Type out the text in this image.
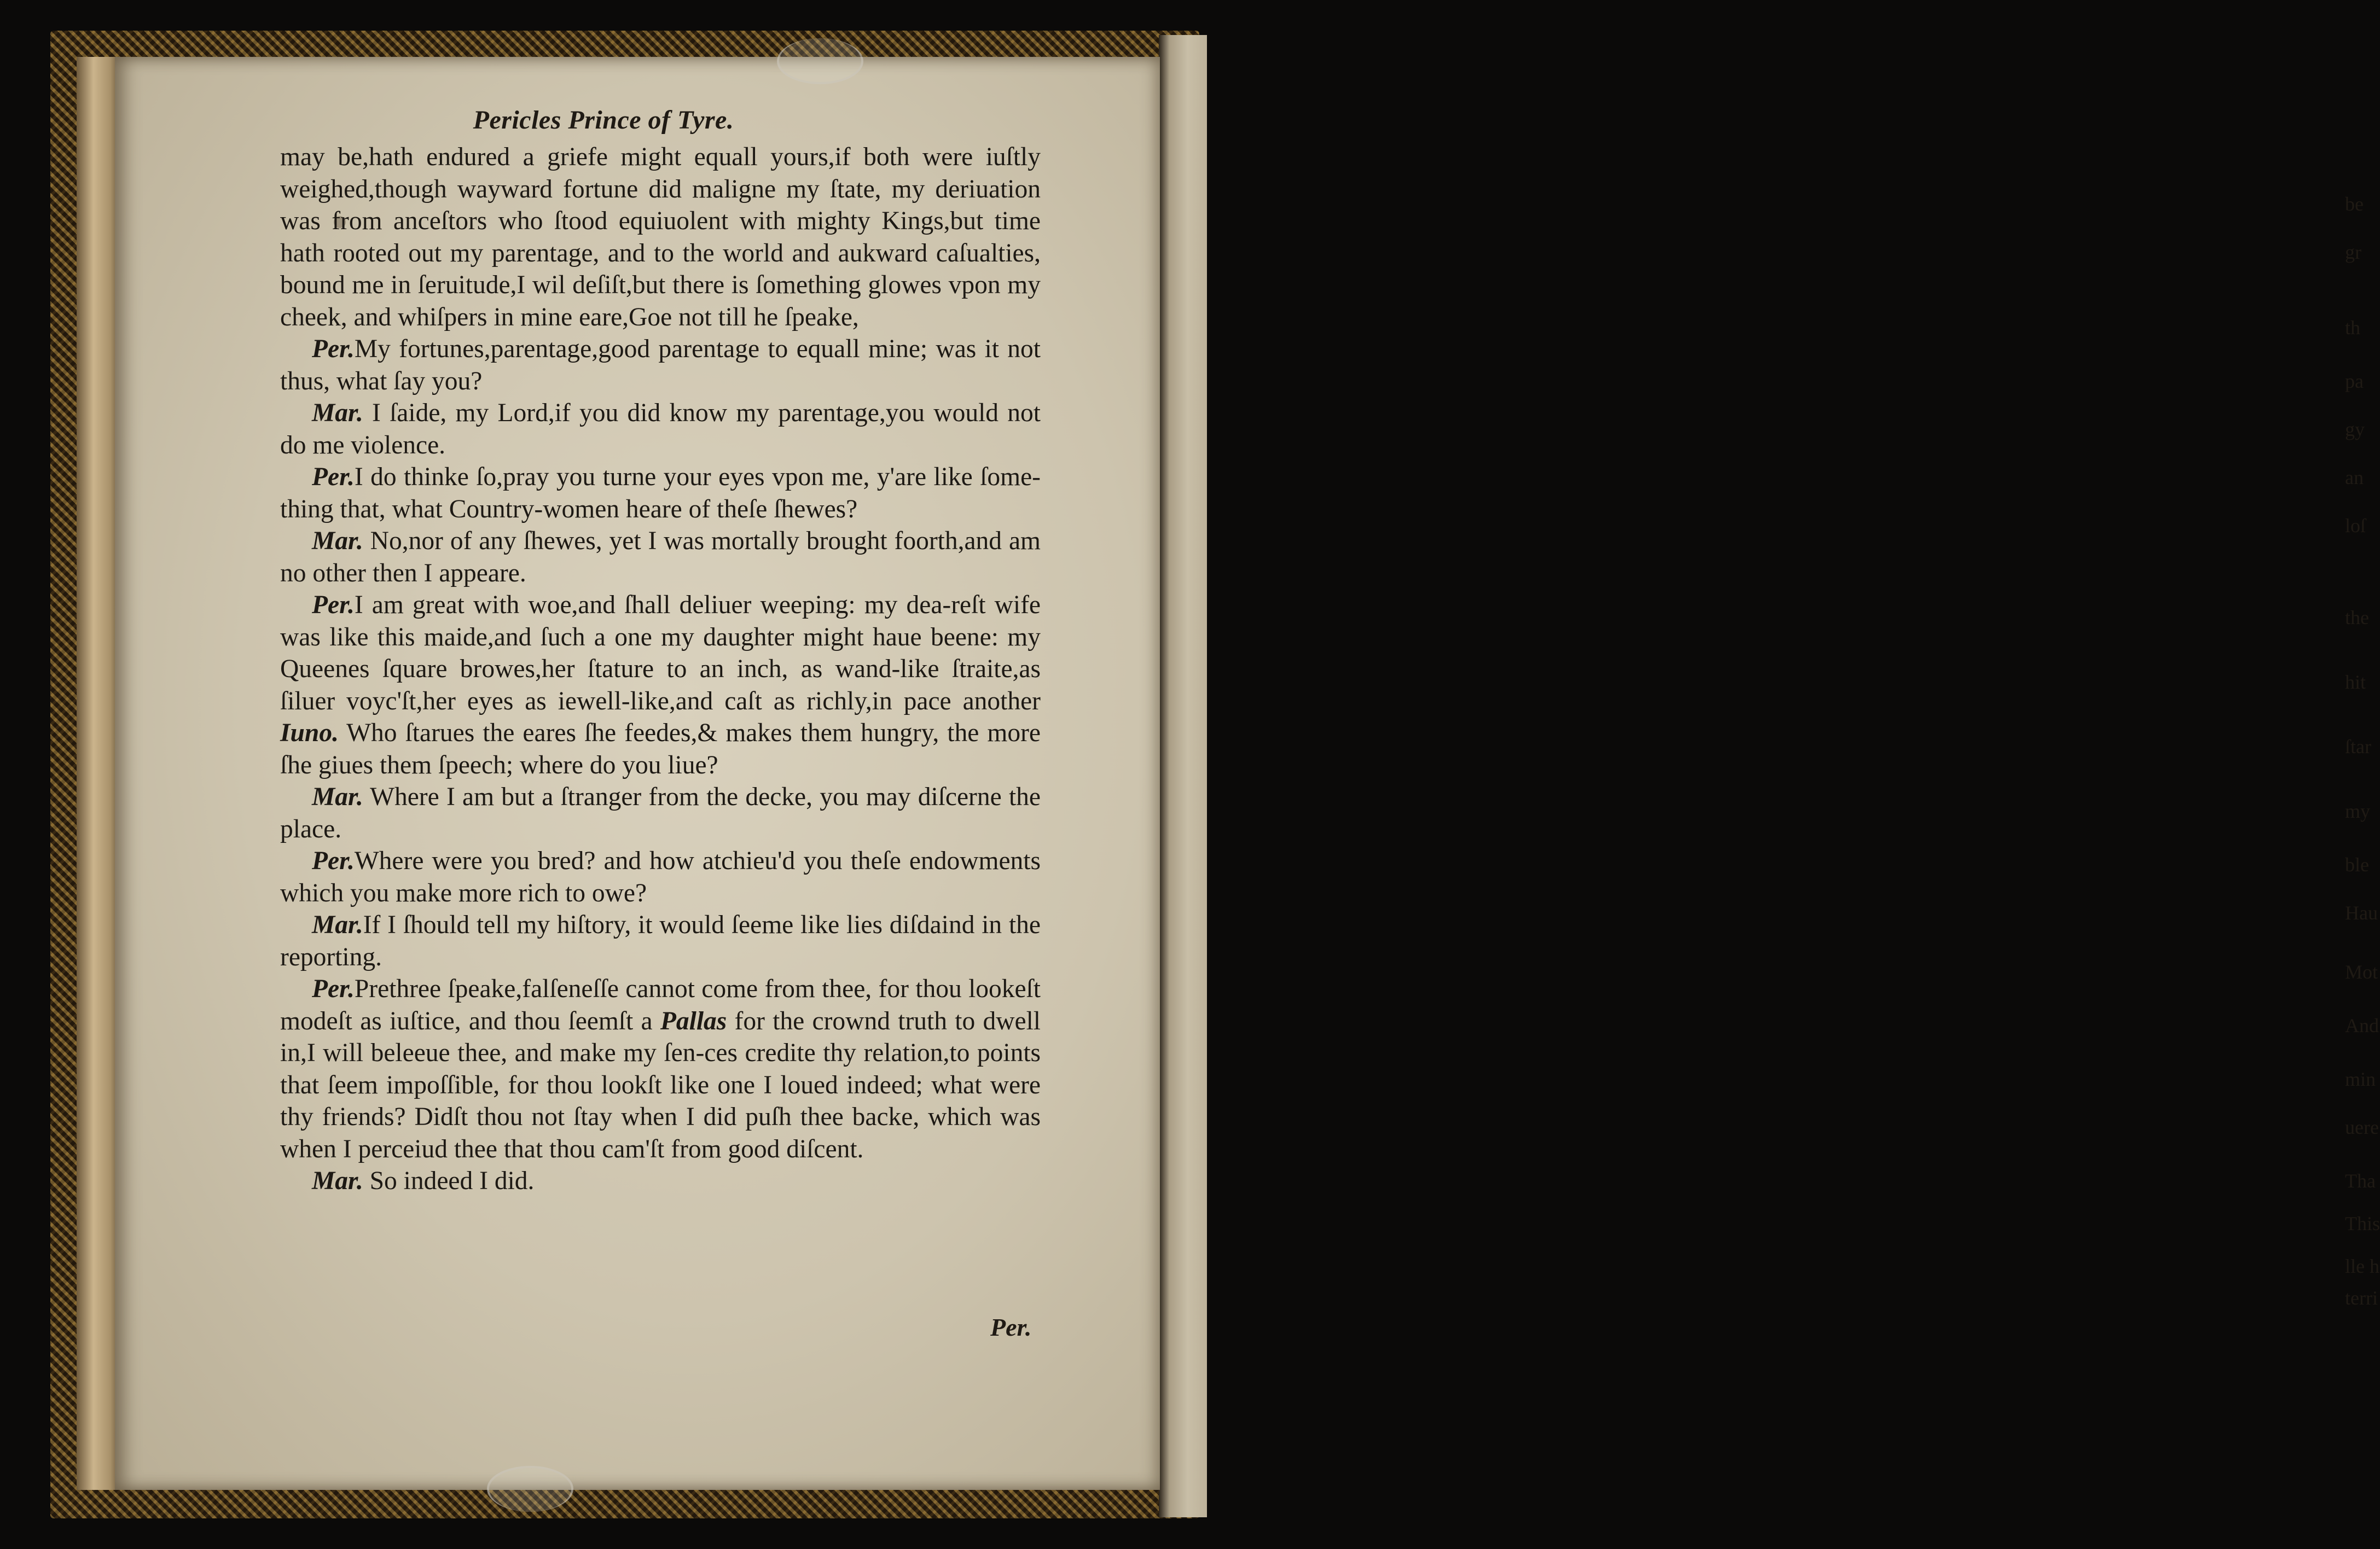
be
gr
th
pa
gy
an
loſ
the
hit
ſtar
my
ble
Hau
Mot
And
min
uere
Tha
This
lle h
terri
Pericles Prince of Tyre.

may be,hath endured a griefe might equall yours,if both were iuſtly weighed,though wayward fortune did maligne my ſtate, my deriuation was from anceſtors who ſtood equiuolent with mighty Kings,but time hath rooted out my parentage, and to the world and aukward caſualties, bound me in ſeruitude,I wil deſiſt,but there is ſomething glowes vpon my cheek, and whiſpers in mine eare,Goe not till he ſpeake,

Per.My fortunes,parentage,good parentage to equall mine; was it not thus, what ſay you?

Mar. I ſaide, my Lord,if you did know my parentage,you would not do me violence.

Per.I do thinke ſo,pray you turne your eyes vpon me, y'are like ſome-thing that, what Country-women heare of theſe ſhewes?

Mar. No,nor of any ſhewes, yet I was mortally brought foorth,and am no other then I appeare.

Per.I am great with woe,and ſhall deliuer weeping: my dea-reſt wife was like this maide,and ſuch a one my daughter might haue beene: my Queenes ſquare browes,her ſtature to an inch, as wand-like ſtraite,as ſiluer voyc'ſt,her eyes as iewell-like,and caſt as richly,in pace another Iuno. Who ſtarues the eares ſhe feedes,& makes them hungry, the more ſhe giues them ſpeech; where do you liue?

Mar. Where I am but a ſtranger from the decke, you may diſcerne the place.

Per.Where were you bred? and how atchieu'd you theſe endowments which you make more rich to owe?

Mar.If I ſhould tell my hiſtory, it would ſeeme like lies diſdaind in the reporting.

Per.Prethree ſpeake,falſeneſſe cannot come from thee, for thou lookeſt modeſt as iuſtice, and thou ſeemſt a Pallas for the crownd truth to dwell in,I will beleeue thee, and make my ſen-ces credite thy relation,to points that ſeem impoſſible, for thou lookſt like one I loued indeed; what were thy friends? Didſt thou not ſtay when I did puſh thee backe, which was when I perceiud thee that thou cam'ſt from good diſcent.

Mar. So indeed I did.

Per.
